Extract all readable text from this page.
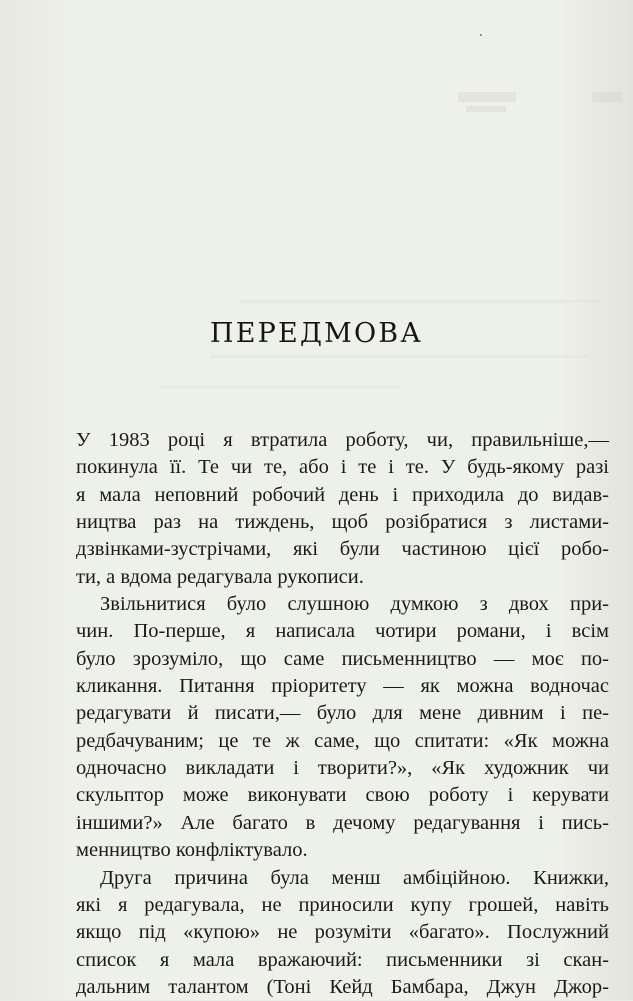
ПЕРЕДМОВА
У 1983 році я втратила роботу, чи, правильніше,—
покинула її. Те чи те, або і те і те. У будь-якому разі
я мала неповний робочий день і приходила до видав-
ництва раз на тиждень, щоб розібратися з листами-
дзвінками-зустрічами, які були частиною цієї робо-
ти, а вдома редагувала рукописи.
Звільнитися було слушною думкою з двох при-
чин. По-перше, я написала чотири романи, і всім
було зрозуміло, що саме письменництво — моє по-
кликання. Питання пріоритету — як можна водночас
редагувати й писати,— було для мене дивним і пе-
редбачуваним; це те ж саме, що спитати: «Як можна
одночасно викладати і творити?», «Як художник чи
скульптор може виконувати свою роботу і керувати
іншими?» Але багато в дечому редагування і пись-
менництво конфліктувало.
Друга причина була менш амбіційною. Книжки,
які я редагувала, не приносили купу грошей, навіть
якщо під «купою» не розуміти «багато». Послужний
список я мала вражаючий: письменники зі скан-
дальним талантом (Тоні Кейд Бамбара, Джун Джор-
